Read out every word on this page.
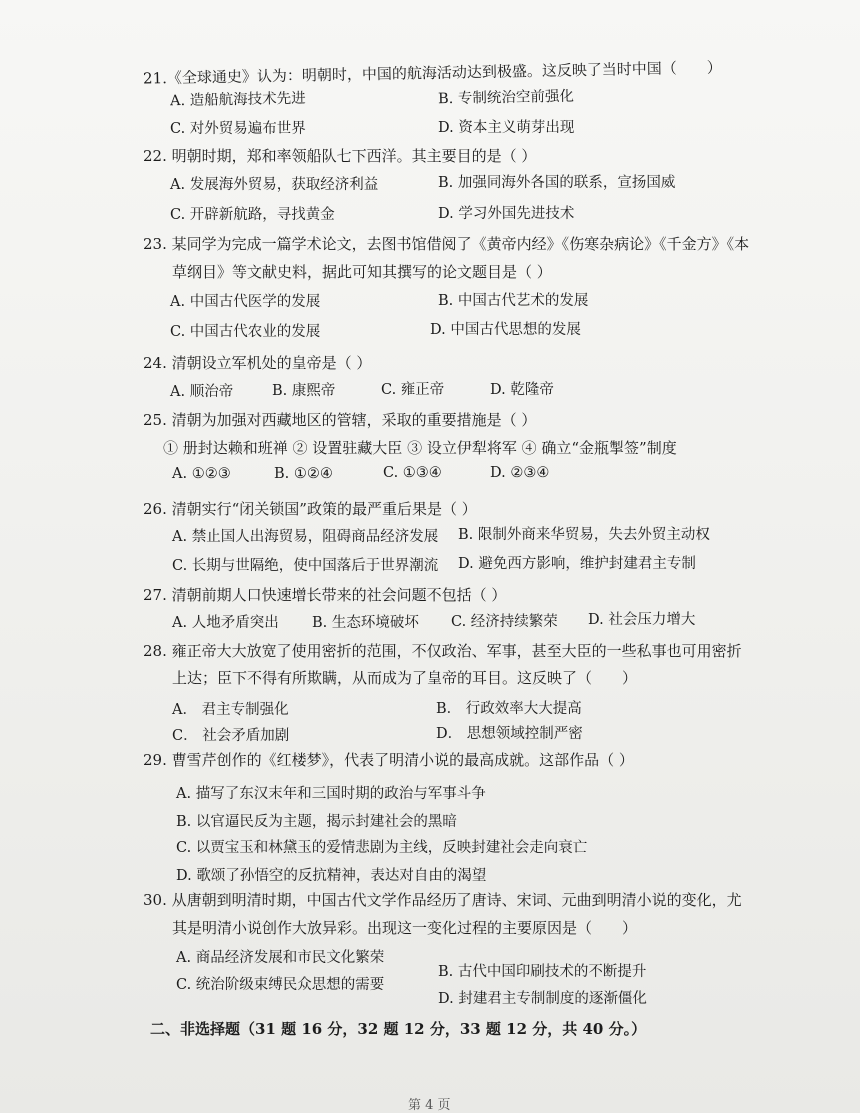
21.《全球通史》认为：明朝时，中国的航海活动达到极盛。这反映了当时中国（　　）
A. 造船航海技术先进	B. 专制统治空前强化
C. 对外贸易遍布世界	D. 资本主义萌芽出现
22. 明朝时期，郑和率领船队七下西洋。其主要目的是（ ）
A. 发展海外贸易，获取经济利益	B. 加强同海外各国的联系，宣扬国威
C. 开辟新航路，寻找黄金	D. 学习外国先进技术
23. 某同学为完成一篇学术论文，去图书馆借阅了《黄帝内经》《伤寒杂病论》《千金方》《本
草纲目》等文献史料，据此可知其撰写的论文题目是（ ）
A. 中国古代医学的发展	B. 中国古代艺术的发展
C. 中国古代农业的发展	D. 中国古代思想的发展
24. 清朝设立军机处的皇帝是（ ）
A. 顺治帝	B. 康熙帝	C. 雍正帝	D. 乾隆帝
25. 清朝为加强对西藏地区的管辖，采取的重要措施是（ ）
① 册封达赖和班禅 ② 设置驻藏大臣 ③ 设立伊犁将军 ④ 确立“金瓶掣签”制度
A. ①②③	B. ①②④	C. ①③④	D. ②③④
26. 清朝实行“闭关锁国”政策的最严重后果是（ ）
A. 禁止国人出海贸易，阻碍商品经济发展 B. 限制外商来华贸易，失去外贸主动权
C. 长期与世隔绝，使中国落后于世界潮流 D. 避免西方影响，维护封建君主专制
27. 清朝前期人口快速增长带来的社会问题不包括（ ）
A. 人地矛盾突出 B. 生态环境破坏 C. 经济持续繁荣 D. 社会压力增大
28. 雍正帝大大放宽了使用密折的范围，不仅政治、军事，甚至大臣的一些私事也可用密折
上达；臣下不得有所欺瞒，从而成为了皇帝的耳目。这反映了（　　）
A． 君主专制强化	B． 行政效率大大提高
C． 社会矛盾加剧	D． 思想领域控制严密
29. 曹雪芹创作的《红楼梦》，代表了明清小说的最高成就。这部作品（ ）
A. 描写了东汉末年和三国时期的政治与军事斗争
B. 以官逼民反为主题，揭示封建社会的黑暗
C. 以贾宝玉和林黛玉的爱情悲剧为主线，反映封建社会走向衰亡
D. 歌颂了孙悟空的反抗精神，表达对自由的渴望
30. 从唐朝到明清时期，中国古代文学作品经历了唐诗、宋词、元曲到明清小说的变化，尤
其是明清小说创作大放异彩。出现这一变化过程的主要原因是（　　）
A. 商品经济发展和市民文化繁荣
B. 古代中国印刷技术的不断提升
C. 统治阶级束缚民众思想的需要
D. 封建君主专制制度的逐渐僵化
二、非选择题（31 题 16 分，32 题 12 分，33 题 12 分，共 40 分。）
第 4 页
